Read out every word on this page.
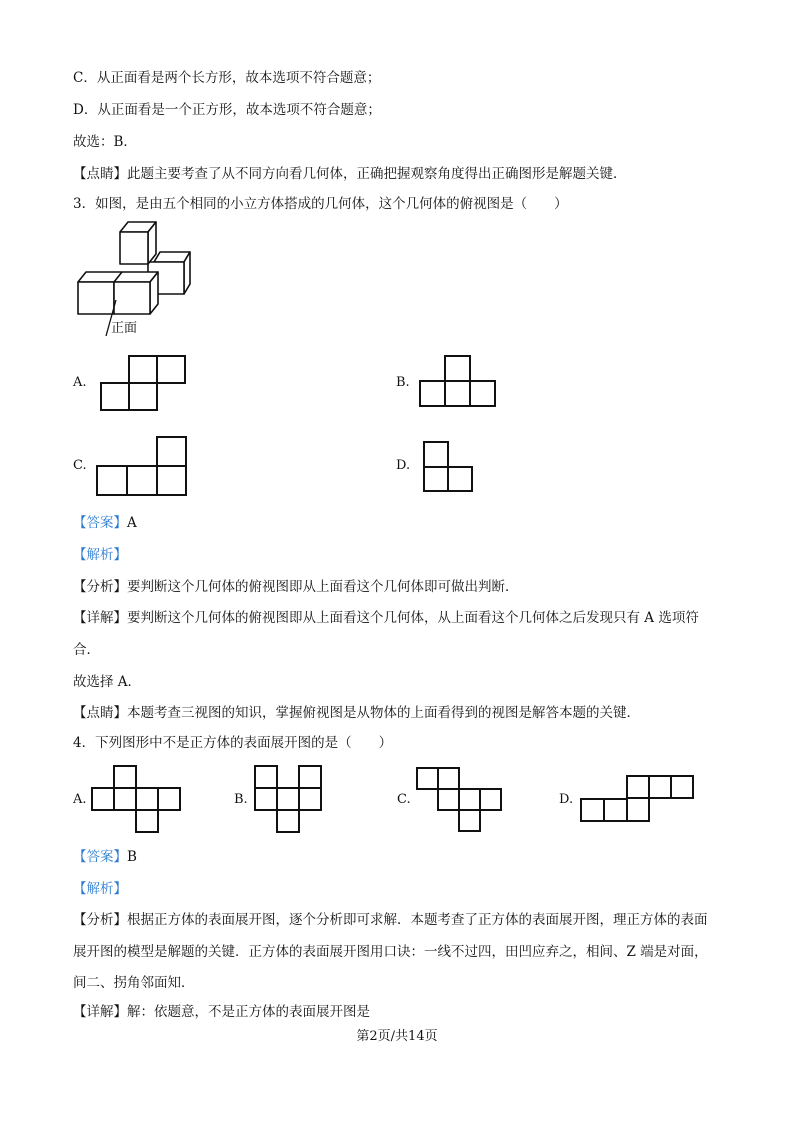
C．从正面看是两个长方形，故本选项不符合题意；
D．从正面看是一个正方形，故本选项不符合题意；
故选：B．
【点睛】此题主要考查了从不同方向看几何体，正确把握观察角度得出正确图形是解题关键．
3．如图，是由五个相同的小立方体搭成的几何体，这个几何体的俯视图是（　　）
正面
A.	B.
C.	D.
【答案】A
【解析】
【分析】要判断这个几何体的俯视图即从上面看这个几何体即可做出判断．
【详解】要判断这个几何体的俯视图即从上面看这个几何体，从上面看这个几何体之后发现只有 A 选项符
合．
故选择 A．
【点睛】本题考查三视图的知识，掌握俯视图是从物体的上面看得到的视图是解答本题的关键．
4．下列图形中不是正方体的表面展开图的是（　　）
A.	B.	C.	D.
【答案】B
【解析】
【分析】根据正方体的表面展开图，逐个分析即可求解．本题考查了正方体的表面展开图，理正方体的表面
展开图的模型是解题的关键．正方体的表面展开图用口诀：一线不过四，田凹应弃之，相间、Z 端是对面，
间二、拐角邻面知．
【详解】解：依题意，不是正方体的表面展开图是
第2页/共14页
